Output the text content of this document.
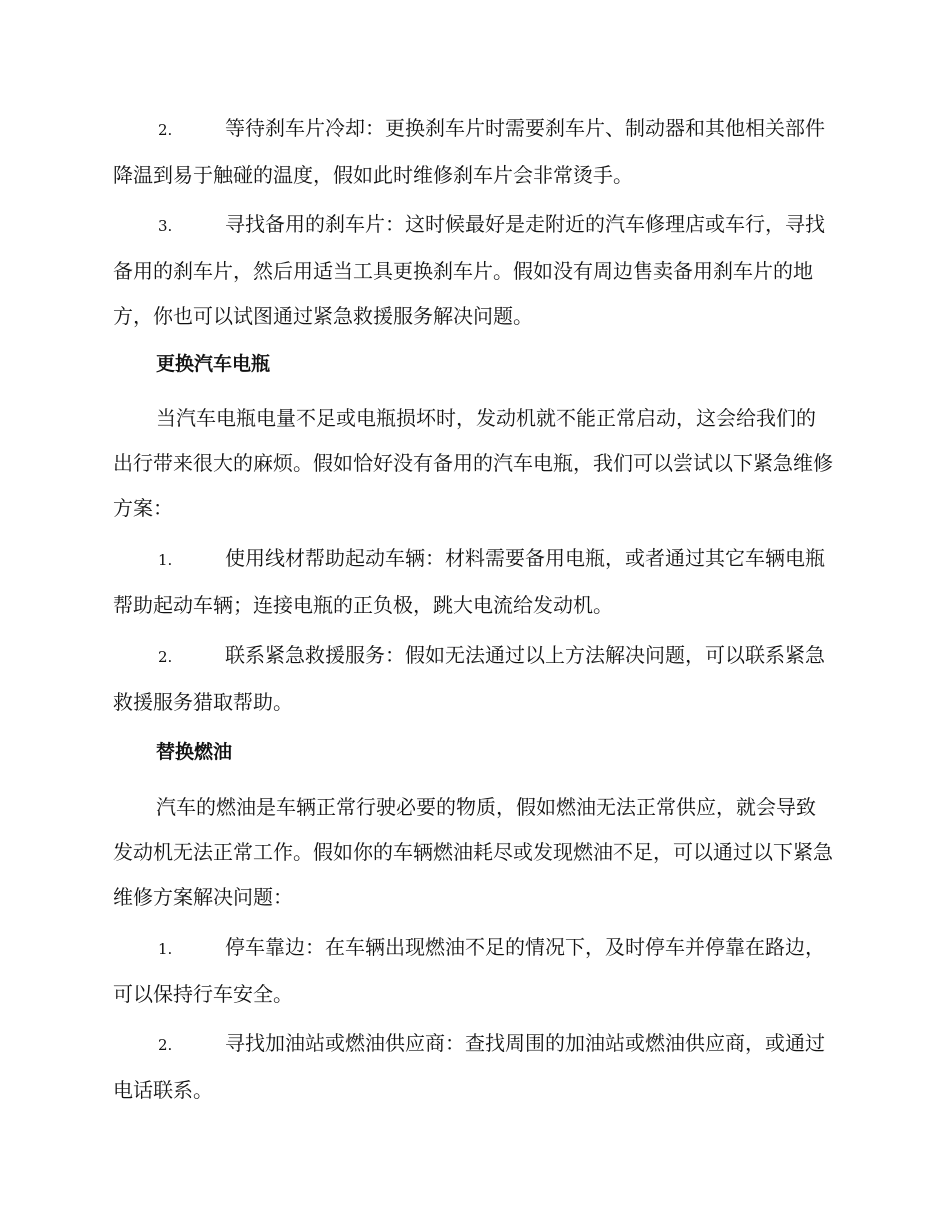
2.	等待刹车片冷却：更换刹车片时需要刹车片、制动器和其他相关部件降温到易于触碰的温度，假如此时维修刹车片会非常烫手。

3.	寻找备用的刹车片：这时候最好是走附近的汽车修理店或车行，寻找备用的刹车片，然后用适当工具更换刹车片。假如没有周边售卖备用刹车片的地方，你也可以试图通过紧急救援服务解决问题。

更换汽车电瓶

当汽车电瓶电量不足或电瓶损坏时，发动机就不能正常启动，这会给我们的出行带来很大的麻烦。假如恰好没有备用的汽车电瓶，我们可以尝试以下紧急维修方案：

1.	使用线材帮助起动车辆：材料需要备用电瓶，或者通过其它车辆电瓶帮助起动车辆；连接电瓶的正负极，跳大电流给发动机。

2.	联系紧急救援服务：假如无法通过以上方法解决问题，可以联系紧急救援服务猎取帮助。

替换燃油

汽车的燃油是车辆正常行驶必要的物质，假如燃油无法正常供应，就会导致发动机无法正常工作。假如你的车辆燃油耗尽或发现燃油不足，可以通过以下紧急维修方案解决问题：

1.	停车靠边：在车辆出现燃油不足的情况下，及时停车并停靠在路边，可以保持行车安全。

2.	寻找加油站或燃油供应商：查找周围的加油站或燃油供应商，或通过电话联系。
